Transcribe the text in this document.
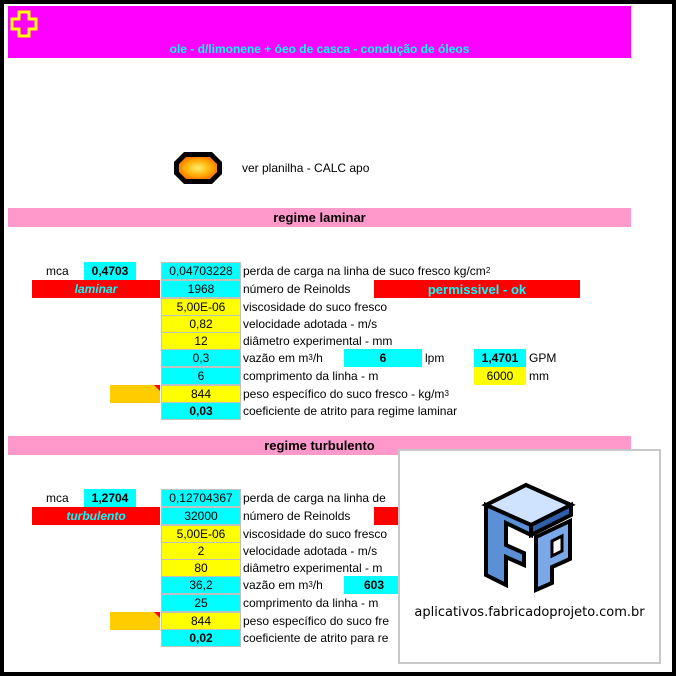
ole - d/limonene + óeo de casca - condução de óleos
ver planilha - CALC apo
regime laminar
mca	0,4703	0,04703228 perda de carga na linha de suco fresco kg/cm 2
laminar	1968	número de Reinolds	permissivel - ok
5,00E-06	viscosidade do suco fresco
0,82	velocidade adotada - m/s
12	diâmetro experimental - mm
0,3	vazão em m 3 /h	6	lpm	1,4701 GPM
6	comprimento da linha - m	6000	mm
844	peso específico do suco fresco - kg/m 3
0,03	coeficiente de atrito para regime laminar
regime turbulento
mca	1,2704	0,12704367 perda de carga na linha de
turbulento	32000	número de Reinolds
5,00E-06	viscosidade do suco fresco
2	velocidade adotada - m/s
80	diâmetro experimental - m
36,2	vazão em m 3 /h	603
25	comprimento da linha - m
844	peso específico do suco fre
0,02	coeficiente de atrito para re
aplicativos.fabricadoprojeto.com.br
